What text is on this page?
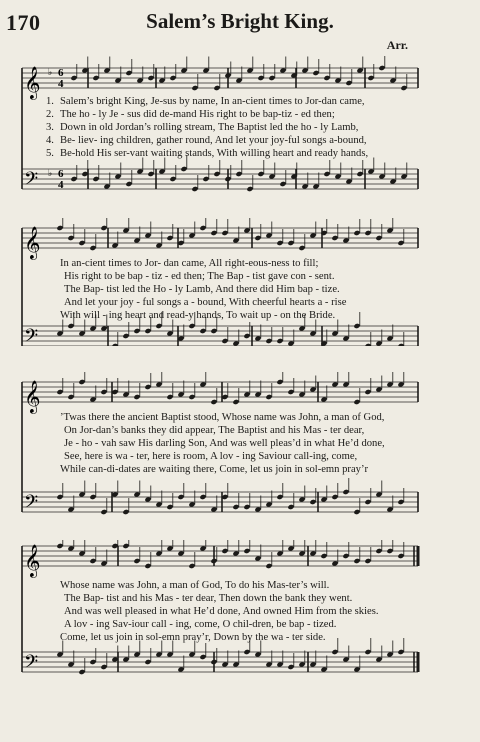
170	Salem’s Bright King.
Arr.
𝄞
𝄢
♭
♭
6
4
6
4
1. Salem’s bright King, Je-sus by name, In an-cient times to Jor-dan came,
2. The ho - ly Je - sus did de-mand His right to be bap-tiz - ed then;
3. Down in old Jordan’s rolling stream, The Baptist led the ho - ly Lamb,
4. Be- liev- ing children, gather round, And let your joy-ful songs a-bound,
5. Be-hold His ser-vant waiting stands, With willing heart and ready hands,
𝄞
𝄢
In an-cient times to Jor- dan came, All right-eous-ness to fill;
His right to be bap - tiz - ed then; The Bap - tist gave con - sent.
The Bap- tist led the Ho - ly Lamb, And there did Him bap - tize.
And let your joy - ful songs a - bound, With cheerful hearts a - rise
With will - ing heart and read-y hands, To wait up - on the Bride.
𝄞
𝄢
’Twas there the ancient Baptist stood, Whose name was John, a man of God,
On Jor-dan’s banks they did appear, The Baptist and his Mas - ter dear,
Je - ho - vah saw His darling Son, And was well pleas’d in what He’d done,
See, here is wa - ter, here is room, A lov - ing Saviour call-ing, come,
While can-di-dates are waiting there, Come, let us join in sol-emn pray’r
𝄞
𝄢
Whose name was John, a man of God, To do his Mas-ter’s will.
The Bap- tist and his Mas - ter dear, Then down the bank they went.
And was well pleased in what He’d done, And owned Him from the skies.
A lov - ing Sav-iour call - ing, come, O chil-dren, be bap - tized.
Come, let us join in sol-emn pray’r, Down by the wa - ter side.
